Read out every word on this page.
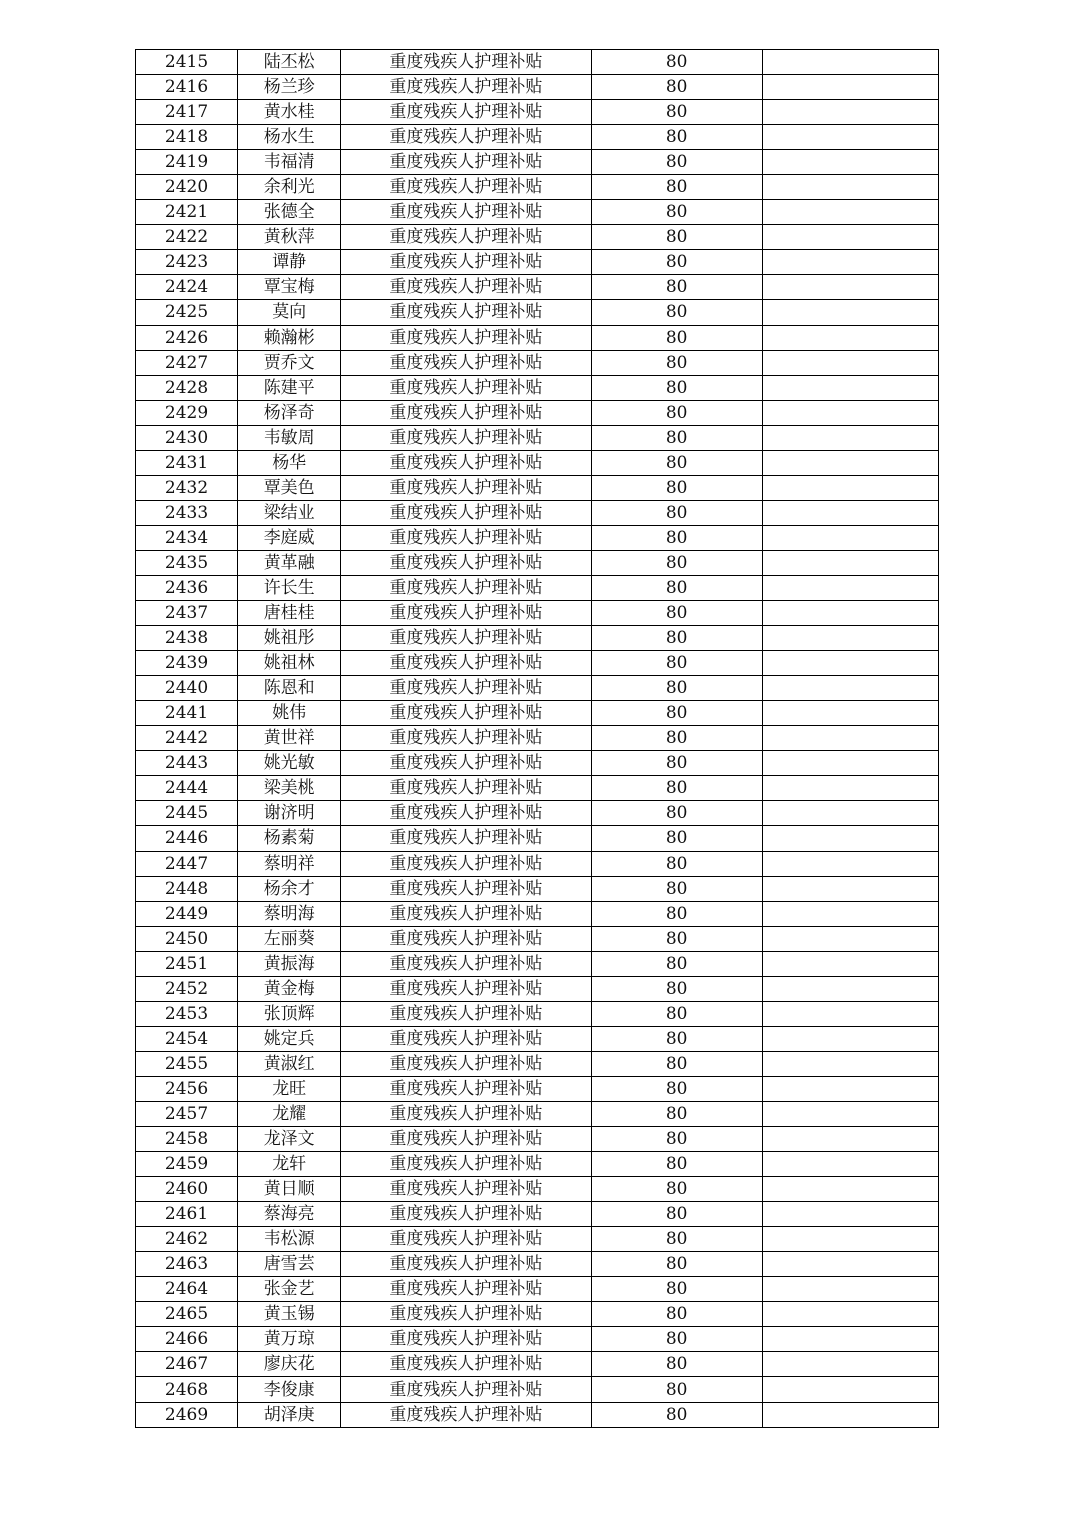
2415	陆丕松	重度残疾人护理补贴	80	
2416	杨兰珍	重度残疾人护理补贴	80	
2417	黄水桂	重度残疾人护理补贴	80	
2418	杨水生	重度残疾人护理补贴	80	
2419	韦福清	重度残疾人护理补贴	80	
2420	余利光	重度残疾人护理补贴	80	
2421	张德全	重度残疾人护理补贴	80	
2422	黄秋萍	重度残疾人护理补贴	80	
2423	谭静	重度残疾人护理补贴	80	
2424	覃宝梅	重度残疾人护理补贴	80	
2425	莫向	重度残疾人护理补贴	80	
2426	赖瀚彬	重度残疾人护理补贴	80	
2427	贾乔文	重度残疾人护理补贴	80	
2428	陈建平	重度残疾人护理补贴	80	
2429	杨泽奇	重度残疾人护理补贴	80	
2430	韦敏周	重度残疾人护理补贴	80	
2431	杨华	重度残疾人护理补贴	80	
2432	覃美色	重度残疾人护理补贴	80	
2433	梁结业	重度残疾人护理补贴	80	
2434	李庭威	重度残疾人护理补贴	80	
2435	黄革融	重度残疾人护理补贴	80	
2436	许长生	重度残疾人护理补贴	80	
2437	唐桂桂	重度残疾人护理补贴	80	
2438	姚祖彤	重度残疾人护理补贴	80	
2439	姚祖林	重度残疾人护理补贴	80	
2440	陈恩和	重度残疾人护理补贴	80	
2441	姚伟	重度残疾人护理补贴	80	
2442	黄世祥	重度残疾人护理补贴	80	
2443	姚光敏	重度残疾人护理补贴	80	
2444	梁美桃	重度残疾人护理补贴	80	
2445	谢济明	重度残疾人护理补贴	80	
2446	杨素菊	重度残疾人护理补贴	80	
2447	蔡明祥	重度残疾人护理补贴	80	
2448	杨余才	重度残疾人护理补贴	80	
2449	蔡明海	重度残疾人护理补贴	80	
2450	左丽葵	重度残疾人护理补贴	80	
2451	黄振海	重度残疾人护理补贴	80	
2452	黄金梅	重度残疾人护理补贴	80	
2453	张顶辉	重度残疾人护理补贴	80	
2454	姚定兵	重度残疾人护理补贴	80	
2455	黄淑红	重度残疾人护理补贴	80	
2456	龙旺	重度残疾人护理补贴	80	
2457	龙耀	重度残疾人护理补贴	80	
2458	龙泽文	重度残疾人护理补贴	80	
2459	龙轩	重度残疾人护理补贴	80	
2460	黄日顺	重度残疾人护理补贴	80	
2461	蔡海亮	重度残疾人护理补贴	80	
2462	韦松源	重度残疾人护理补贴	80	
2463	唐雪芸	重度残疾人护理补贴	80	
2464	张金艺	重度残疾人护理补贴	80	
2465	黄玉锡	重度残疾人护理补贴	80	
2466	黄万琼	重度残疾人护理补贴	80	
2467	廖庆花	重度残疾人护理补贴	80	
2468	李俊康	重度残疾人护理补贴	80	
2469	胡泽庚	重度残疾人护理补贴	80	
